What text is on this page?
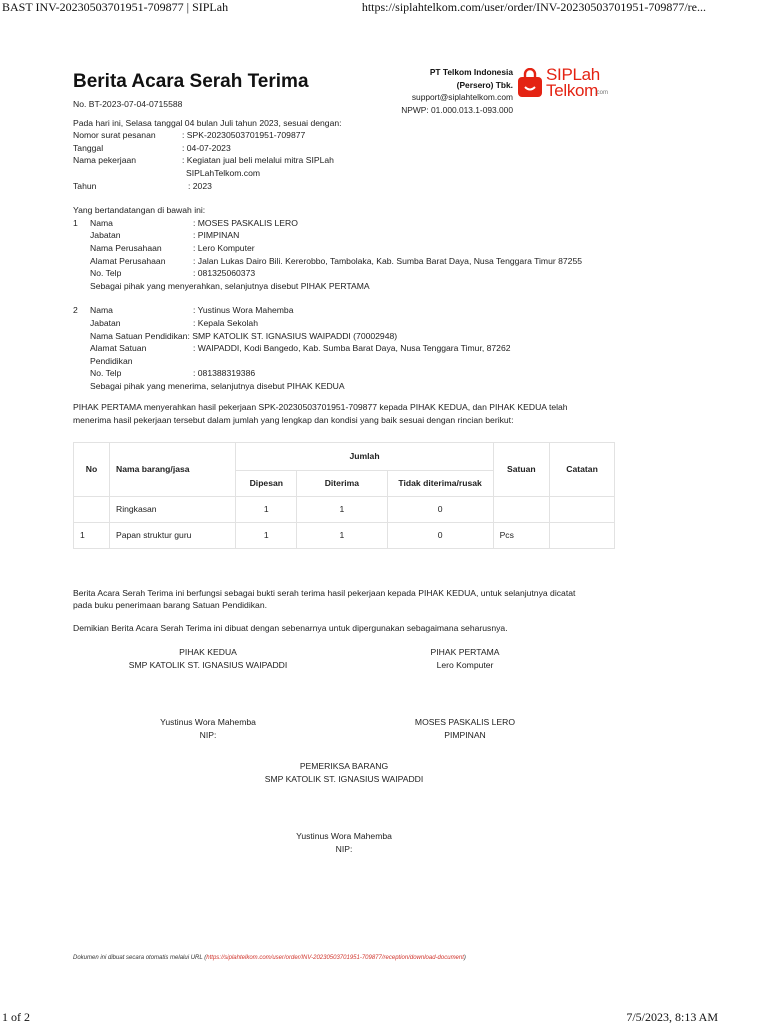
BAST INV-20230503701951-709877 | SIPLah	https://siplahtelkom.com/user/order/INV-20230503701951-709877/re...
1 of 2	7/5/2023, 8:13 AM
PT Telkom Indonesia
(Persero) Tbk.
support@siplahtelkom.com
NPWP: 01.000.013.1-093.000
SIPLah
Telkom
.com
Berita Acara Serah Terima
No. BT-2023-07-04-0715588
Pada hari ini, Selasa tanggal 04 bulan Juli tahun 2023, sesuai dengan:
Nomor surat pesanan	: SPK-20230503701951-709877
Tanggal	: 04-07-2023
Nama pekerjaan	: Kegiatan jual beli melalui mitra SIPLah
SIPLahTelkom.com
Tahun	: 2023
Yang bertandatangan di bawah ini:
1	Nama	: MOSES PASKALIS LERO
Jabatan	: PIMPINAN
Nama Perusahaan	: Lero Komputer
Alamat Perusahaan	: Jalan Lukas Dairo Bili. Kererobbo, Tambolaka, Kab. Sumba Barat Daya, Nusa Tenggara Timur 87255
No. Telp	: 081325060373
Sebagai pihak yang menyerahkan, selanjutnya disebut PIHAK PERTAMA
2	Nama	: Yustinus Wora Mahemba
Jabatan	: Kepala Sekolah
Nama Satuan Pendidikan : SMP KATOLIK ST. IGNASIUS WAIPADDI (70002948)
Alamat Satuan	: WAIPADDI, Kodi Bangedo, Kab. Sumba Barat Daya, Nusa Tenggara Timur, 87262
Pendidikan
No. Telp	: 081388319386
Sebagai pihak yang menerima, selanjutnya disebut PIHAK KEDUA
PIHAK PERTAMA menyerahkan hasil pekerjaan SPK-20230503701951-709877 kepada PIHAK KEDUA, dan PIHAK KEDUA telah
menerima hasil pekerjaan tersebut dalam jumlah yang lengkap dan kondisi yang baik sesuai dengan rincian berikut:
No	Nama barang/jasa	Jumlah			Satuan	Catatan
		Dipesan	Diterima	Tidak diterima/rusak		
	Ringkasan	1	1	0		
1	Papan struktur guru	1	1	0	Pcs	
Berita Acara Serah Terima ini berfungsi sebagai bukti serah terima hasil pekerjaan kepada PIHAK KEDUA, untuk selanjutnya dicatat
pada buku penerimaan barang Satuan Pendidikan.
Demikian Berita Acara Serah Terima ini dibuat dengan sebenarnya untuk dipergunakan sebagaimana seharusnya.
PIHAK KEDUA
SMP KATOLIK ST. IGNASIUS WAIPADDI
PIHAK PERTAMA
Lero Komputer
Yustinus Wora Mahemba
NIP:
MOSES PASKALIS LERO
PIMPINAN
PEMERIKSA BARANG
SMP KATOLIK ST. IGNASIUS WAIPADDI
Yustinus Wora Mahemba
NIP:
Dokumen ini dibuat secara otomatis melalui URL (https://siplahtelkom.com/user/order/INV-20230503701951-709877/reception/download-document)
